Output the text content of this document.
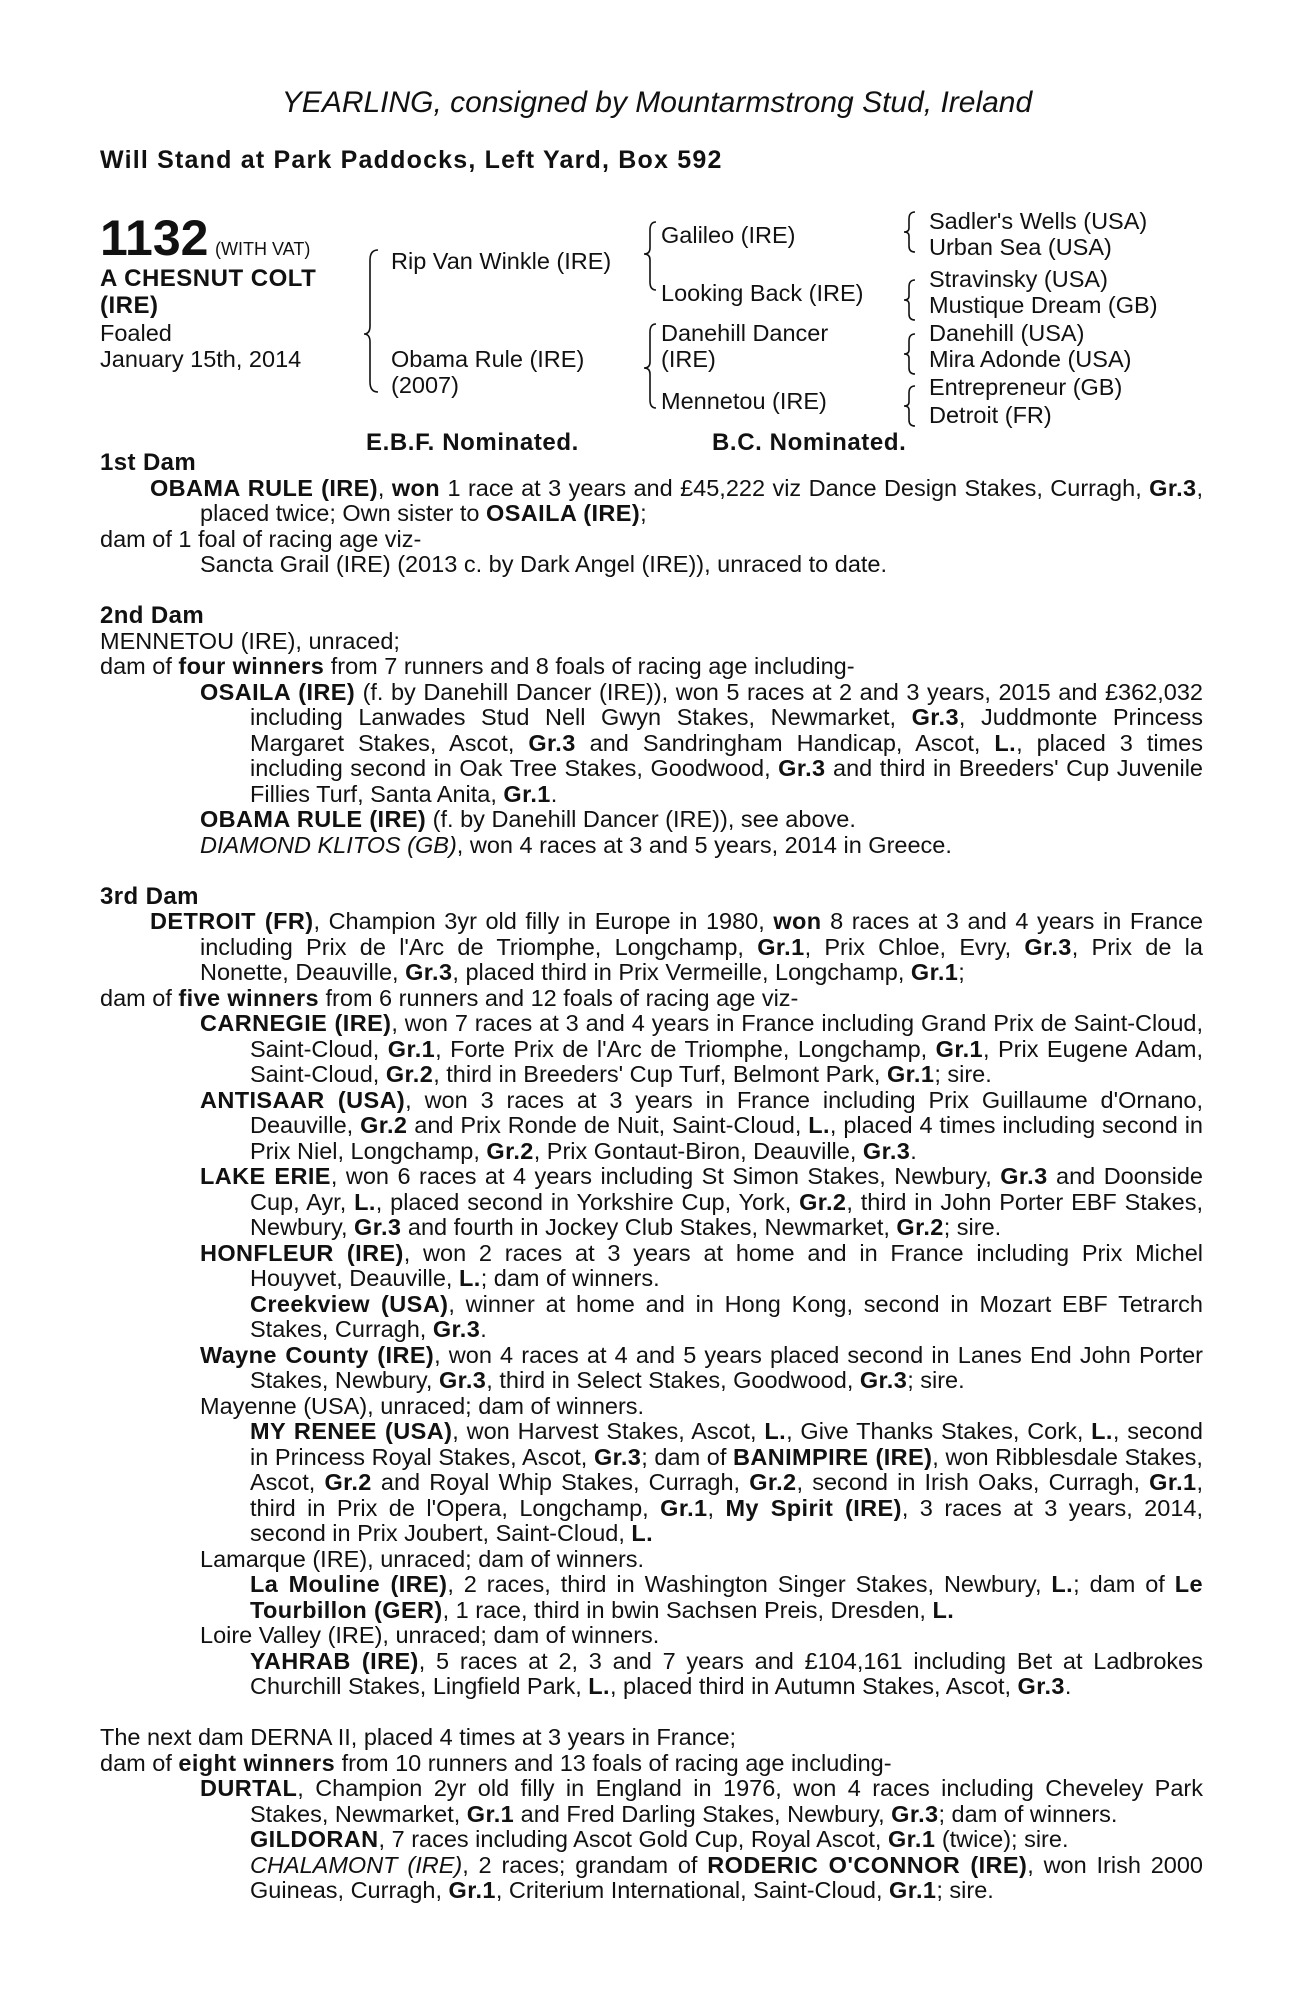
YEARLING, consigned by Mountarmstrong Stud, Ireland
Will Stand at Park Paddocks, Left Yard, Box 592
1132 (WITH VAT)
A CHESNUT COLT
(IRE)
Foaled
January 15th, 2014
Rip Van Winkle (IRE)
Obama Rule (IRE)
(2007)
Galileo (IRE)
Looking Back (IRE)
Danehill Dancer
(IRE)
Mennetou (IRE)
Sadler's Wells (USA)
Urban Sea (USA)
Stravinsky (USA)
Mustique Dream (GB)
Danehill (USA)
Mira Adonde (USA)
Entrepreneur (GB)
Detroit (FR)
E.B.F. Nominated.	B.C. Nominated.
1st Dam

OBAMA RULE (IRE), won 1 race at 3 years and £45,222 viz Dance Design Stakes, Curragh, Gr.3, placed twice; Own sister to OSAILA (IRE);

dam of 1 foal of racing age viz-

Sancta Grail (IRE) (2013 c. by Dark Angel (IRE)), unraced to date.

2nd Dam

MENNETOU (IRE), unraced;

dam of four winners from 7 runners and 8 foals of racing age including-

OSAILA (IRE) (f. by Danehill Dancer (IRE)), won 5 races at 2 and 3 years, 2015 and £362,032 including Lanwades Stud Nell Gwyn Stakes, Newmarket, Gr.3, Juddmonte Princess Margaret Stakes, Ascot, Gr.3 and Sandringham Handicap, Ascot, L., placed 3 times including second in Oak Tree Stakes, Goodwood, Gr.3 and third in Breeders' Cup Juvenile Fillies Turf, Santa Anita, Gr.1.

OBAMA RULE (IRE) (f. by Danehill Dancer (IRE)), see above.

DIAMOND KLITOS (GB), won 4 races at 3 and 5 years, 2014 in Greece.

3rd Dam

DETROIT (FR), Champion 3yr old filly in Europe in 1980, won 8 races at 3 and 4 years in France including Prix de l'Arc de Triomphe, Longchamp, Gr.1, Prix Chloe, Evry, Gr.3, Prix de la Nonette, Deauville, Gr.3, placed third in Prix Vermeille, Longchamp, Gr.1;

dam of five winners from 6 runners and 12 foals of racing age viz-

CARNEGIE (IRE), won 7 races at 3 and 4 years in France including Grand Prix de Saint-Cloud, Saint-Cloud, Gr.1, Forte Prix de l'Arc de Triomphe, Longchamp, Gr.1, Prix Eugene Adam, Saint-Cloud, Gr.2, third in Breeders' Cup Turf, Belmont Park, Gr.1; sire.

ANTISAAR (USA), won 3 races at 3 years in France including Prix Guillaume d'Ornano, Deauville, Gr.2 and Prix Ronde de Nuit, Saint-Cloud, L., placed 4 times including second in Prix Niel, Longchamp, Gr.2, Prix Gontaut-Biron, Deauville, Gr.3.

LAKE ERIE, won 6 races at 4 years including St Simon Stakes, Newbury, Gr.3 and Doonside Cup, Ayr, L., placed second in Yorkshire Cup, York, Gr.2, third in John Porter EBF Stakes, Newbury, Gr.3 and fourth in Jockey Club Stakes, Newmarket, Gr.2; sire.

HONFLEUR (IRE), won 2 races at 3 years at home and in France including Prix Michel Houyvet, Deauville, L.; dam of winners.

Creekview (USA), winner at home and in Hong Kong, second in Mozart EBF Tetrarch Stakes, Curragh, Gr.3.

Wayne County (IRE), won 4 races at 4 and 5 years placed second in Lanes End John Porter Stakes, Newbury, Gr.3, third in Select Stakes, Goodwood, Gr.3; sire.

Mayenne (USA), unraced; dam of winners.

MY RENEE (USA), won Harvest Stakes, Ascot, L., Give Thanks Stakes, Cork, L., second in Princess Royal Stakes, Ascot, Gr.3; dam of BANIMPIRE (IRE), won Ribblesdale Stakes, Ascot, Gr.2 and Royal Whip Stakes, Curragh, Gr.2, second in Irish Oaks, Curragh, Gr.1, third in Prix de l'Opera, Longchamp, Gr.1, My Spirit (IRE), 3 races at 3 years, 2014, second in Prix Joubert, Saint-Cloud, L.

Lamarque (IRE), unraced; dam of winners.

La Mouline (IRE), 2 races, third in Washington Singer Stakes, Newbury, L.; dam of Le Tourbillon (GER), 1 race, third in bwin Sachsen Preis, Dresden, L.

Loire Valley (IRE), unraced; dam of winners.

YAHRAB (IRE), 5 races at 2, 3 and 7 years and £104,161 including Bet at Ladbrokes Churchill Stakes, Lingfield Park, L., placed third in Autumn Stakes, Ascot, Gr.3.

The next dam DERNA II, placed 4 times at 3 years in France;

dam of eight winners from 10 runners and 13 foals of racing age including-

DURTAL, Champion 2yr old filly in England in 1976, won 4 races including Cheveley Park Stakes, Newmarket, Gr.1 and Fred Darling Stakes, Newbury, Gr.3; dam of winners.

GILDORAN, 7 races including Ascot Gold Cup, Royal Ascot, Gr.1 (twice); sire.

CHALAMONT (IRE), 2 races; grandam of RODERIC O'CONNOR (IRE), won Irish 2000 Guineas, Curragh, Gr.1, Criterium International, Saint-Cloud, Gr.1; sire.
